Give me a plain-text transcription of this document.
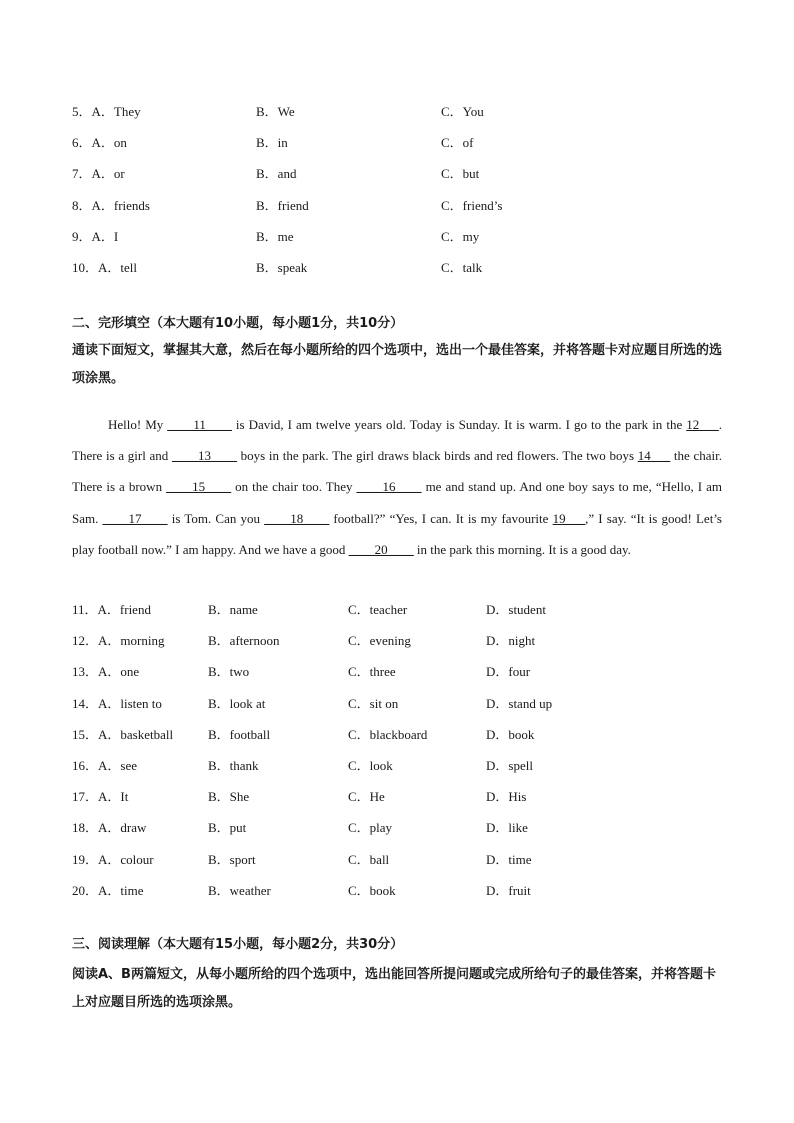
5．A．They	B．We	C．You
6．A．on	B．in	C．of
7．A．or	B．and	C．but
8．A．friends	B．friend	C．friend’s
9．A．I	B．me	C．my
10．A．tell	B．speak	C．talk
二、完形填空（本大题有10小题，每小题1分，共10分）
通读下面短文，掌握其大意，然后在每小题所给的四个选项中，选出一个最佳答案，并将答题卡对应题目所选的选项涂黑。
Hello! My ____11____ is David, I am twelve years old. Today is Sunday. It is warm. I go to the park in the 12___. There is a girl and ____13____ boys in the park. The girl draws black birds and red flowers. The two boys 14___ the chair. There is a brown ____15____ on the chair too. They ____16____ me and stand up. And one boy says to me, “Hello, I am Sam. ____17____ is Tom. Can you ____18____ football?” “Yes, I can. It is my favourite 19___,” I say. “It is good! Let’s play football now.” I am happy. And we have a good ____20____ in the park this morning. It is a good day.
11．A．friend	B．name	C．teacher	D．student
12．A．morning	B．afternoon	C．evening	D．night
13．A．one	B．two	C．three	D．four
14．A．listen to	B．look at	C．sit on	D．stand up
15．A．basketball	B．football	C．blackboard	D．book
16．A．see	B．thank	C．look	D．spell
17．A．It	B．She	C．He	D．His
18．A．draw	B．put	C．play	D．like
19．A．colour	B．sport	C．ball	D．time
20．A．time	B．weather	C．book	D．fruit
三、阅读理解（本大题有15小题，每小题2分，共30分）
阅读A、B两篇短文，从每小题所给的四个选项中，选出能回答所提问题或完成所给句子的最佳答案，并将答题卡上对应题目所选的选项涂黑。
